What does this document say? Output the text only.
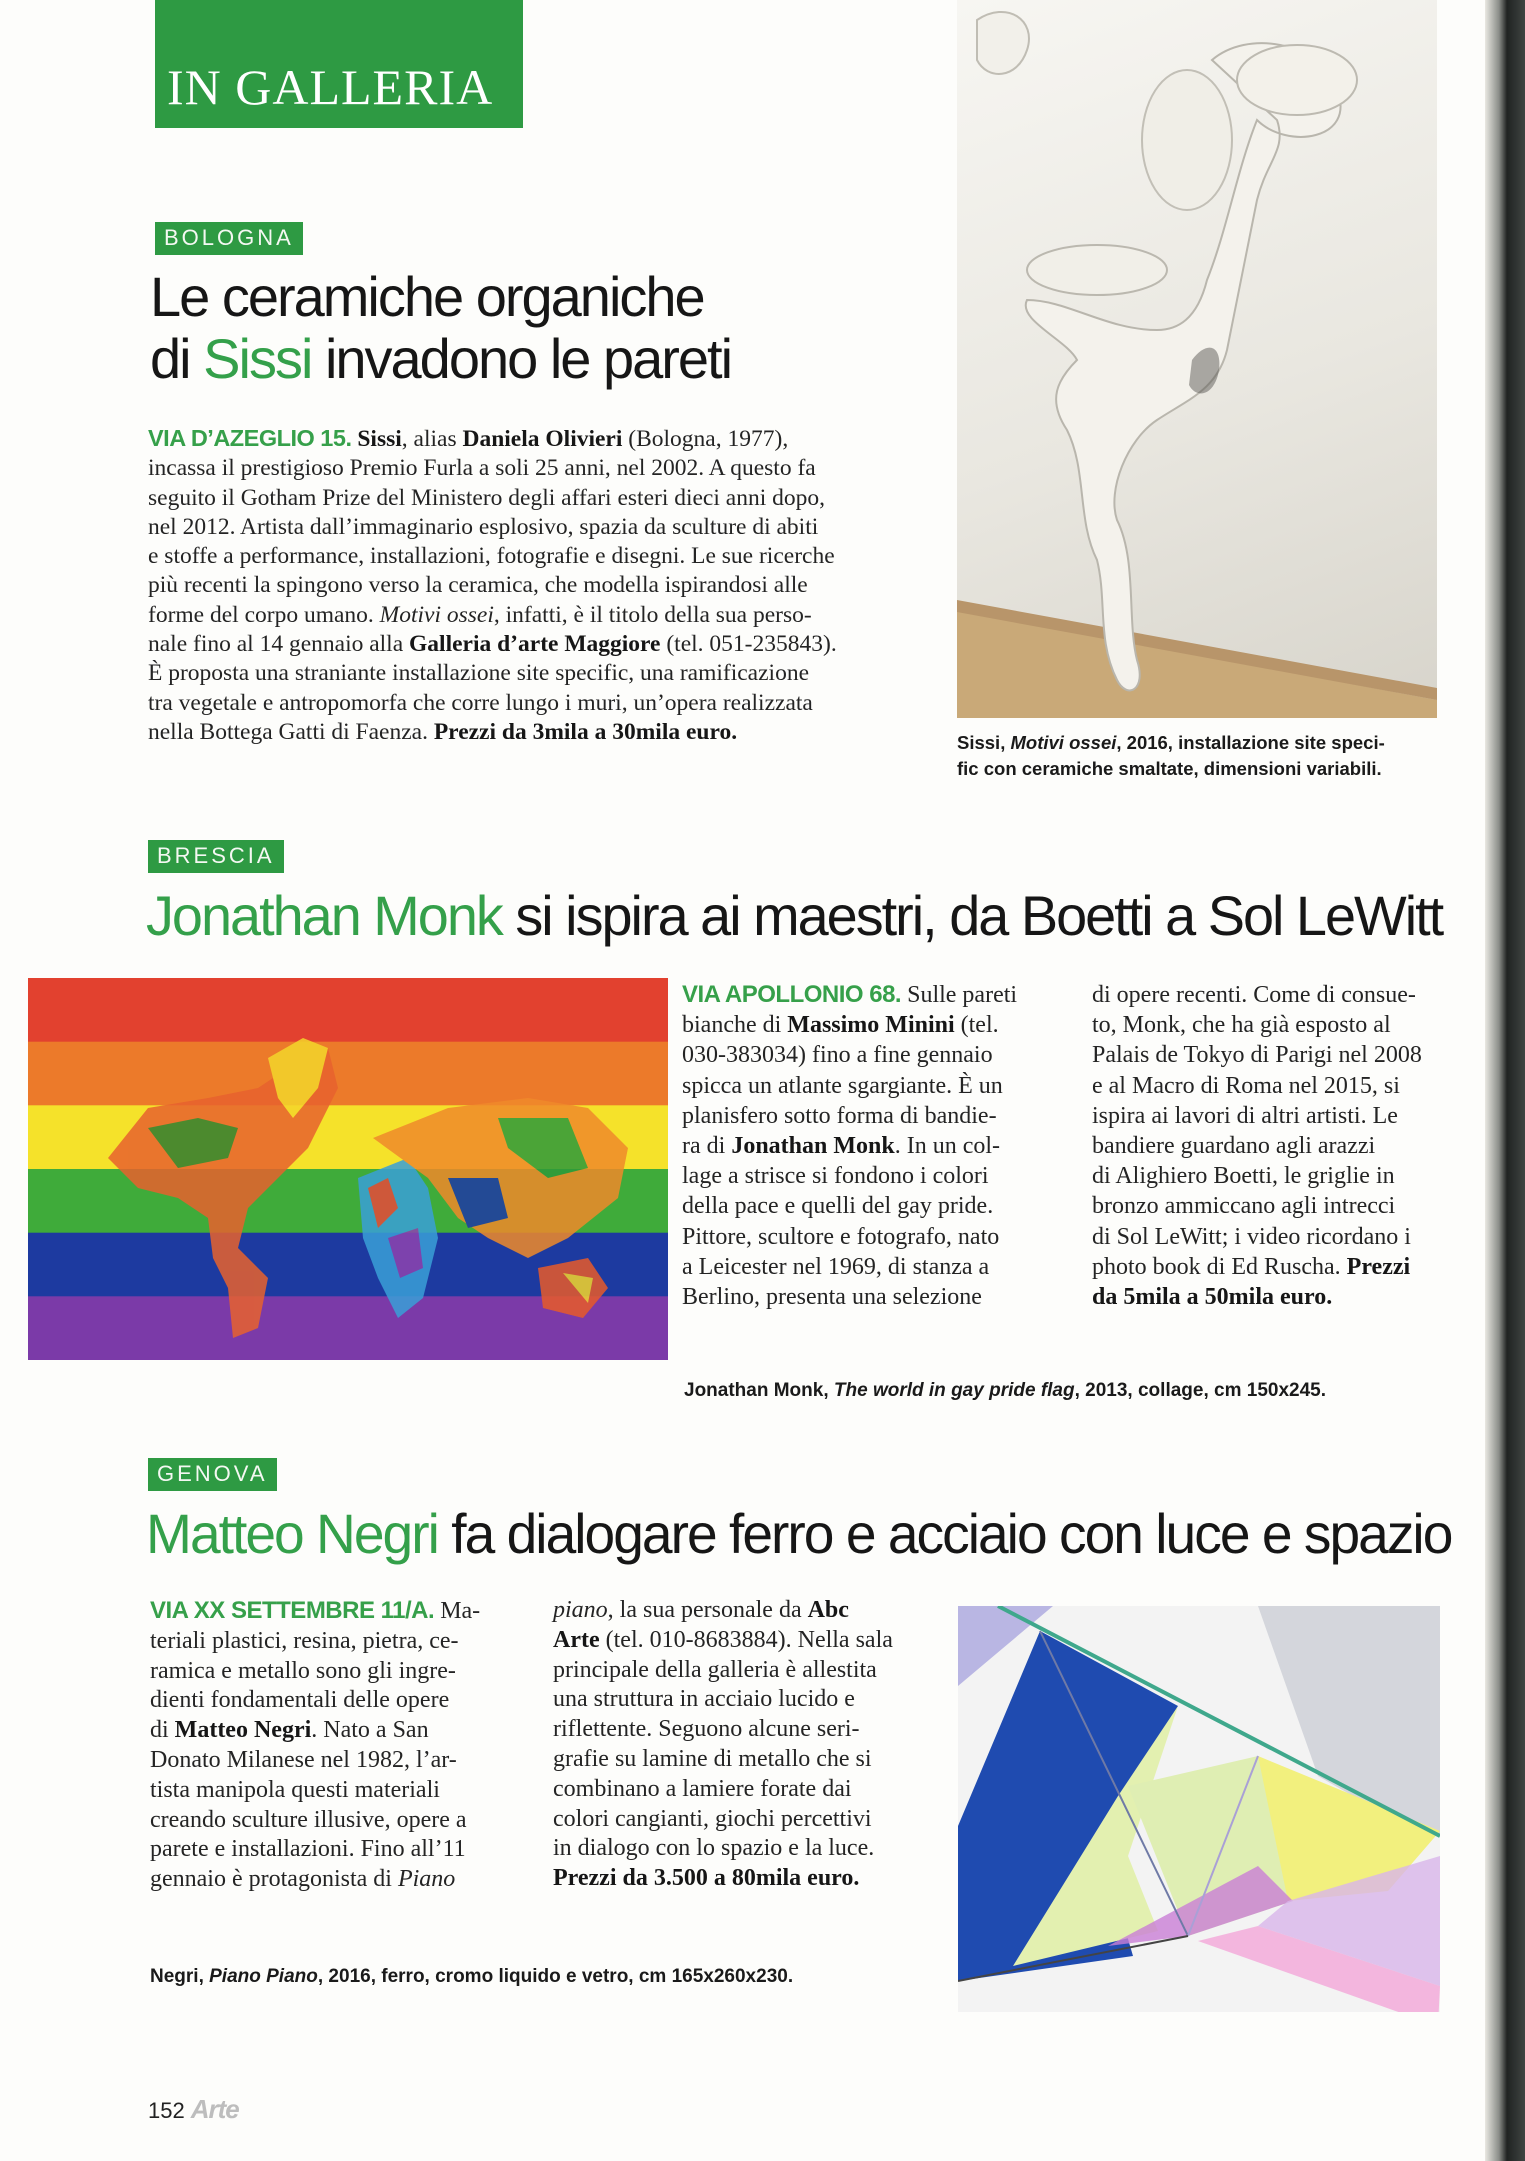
IN GALLERIA
BOLOGNA
Le ceramiche organiche
di Sissi invadono le pareti
VIA D’AZEGLIO 15. Sissi, alias Daniela Olivieri (Bologna, 1977),
incassa il prestigioso Premio Furla a soli 25 anni, nel 2002. A questo fa
seguito il Gotham Prize del Ministero degli affari esteri dieci anni dopo,
nel 2012. Artista dall’immaginario esplosivo, spazia da sculture di abiti
e stoffe a performance, installazioni, fotografie e disegni. Le sue ricerche
più recenti la spingono verso la ceramica, che modella ispirandosi alle
forme del corpo umano. Motivi ossei, infatti, è il titolo della sua perso-
nale fino al 14 gennaio alla Galleria d’arte Maggiore (tel. 051-235843).
È proposta una straniante installazione site specific, una ramificazione
tra vegetale e antropomorfa che corre lungo i muri, un’opera realizzata
nella Bottega Gatti di Faenza. Prezzi da 3mila a 30mila euro.	Sissi, Motivi ossei, 2016, installazione site speci-
fic con ceramiche smaltate, dimensioni variabili.
BRESCIA
Jonathan Monk si ispira ai maestri, da Boetti a Sol LeWitt
VIA APOLLONIO 68. Sulle pareti
bianche di Massimo Minini (tel.
030-383034) fino a fine gennaio
spicca un atlante sgargiante. È un
planisfero sotto forma di bandie-
ra di Jonathan Monk. In un col-
lage a strisce si fondono i colori
della pace e quelli del gay pride.
Pittore, scultore e fotografo, nato
a Leicester nel 1969, di stanza a
Berlino, presenta una selezione
di opere recenti. Come di consue-
to, Monk, che ha già esposto al
Palais de Tokyo di Parigi nel 2008
e al Macro di Roma nel 2015, si
ispira ai lavori di altri artisti. Le
bandiere guardano agli arazzi
di Alighiero Boetti, le griglie in
bronzo ammiccano agli intrecci
di Sol LeWitt; i video ricordano i
photo book di Ed Ruscha. Prezzi
da 5mila a 50mila euro.
Jonathan Monk, The world in gay pride flag, 2013, collage, cm 150x245.
GENOVA
Matteo Negri fa dialogare ferro e acciaio con luce e spazio
VIA XX SETTEMBRE 11/A. Ma-
teriali plastici, resina, pietra, ce-
ramica e metallo sono gli ingre-
dienti fondamentali delle opere
di Matteo Negri. Nato a San
Donato Milanese nel 1982, l’ar-
tista manipola questi materiali
creando sculture illusive, opere a
parete e installazioni. Fino all’11
gennaio è protagonista di Piano
piano, la sua personale da Abc
Arte (tel. 010-8683884). Nella sala
principale della galleria è allestita
una struttura in acciaio lucido e
riflettente. Seguono alcune seri-
grafie su lamine di metallo che si
combinano a lamiere forate dai
colori cangianti, giochi percettivi
in dialogo con lo spazio e la luce.
Prezzi da 3.500 a 80mila euro.
Negri, Piano Piano, 2016, ferro, cromo liquido e vetro, cm 165x260x230.
152 Arte
